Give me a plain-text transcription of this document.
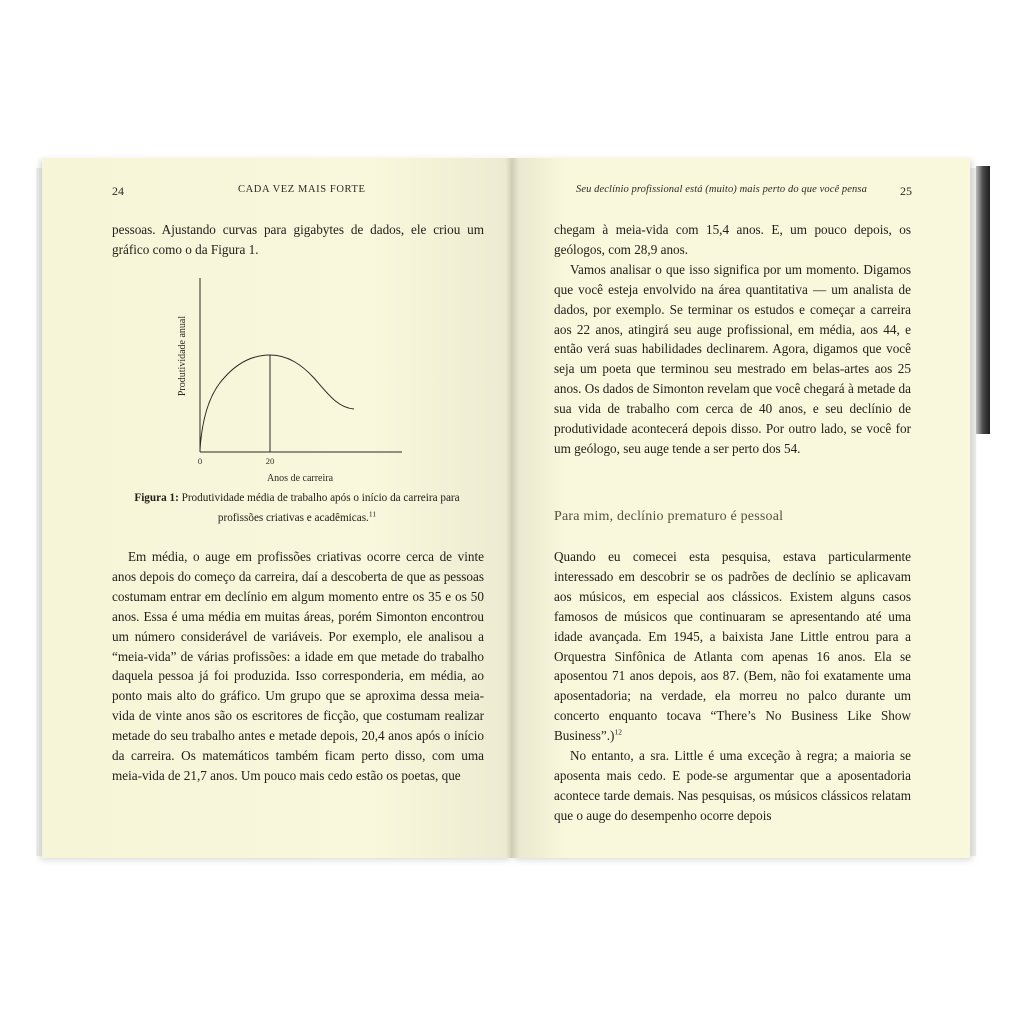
24	CADA VEZ MAIS FORTE

pessoas. Ajustando curvas para gigabytes de dados, ele criou um gráfico como o da Figura 1.

Produtividade anual
0	20
Anos de carreira
Figura 1: Produtividade média de trabalho após o início da carreira para profissões criativas e acadêmicas.$^{11}$

Em média, o auge em profissões criativas ocorre cerca de vinte anos depois do começo da carreira, daí a descoberta de que as pessoas costumam entrar em declínio em algum momento entre os 35 e os 50 anos. Essa é uma média em muitas áreas, porém Simonton encontrou um número considerável de variáveis. Por exemplo, ele analisou a “meia-vida” de várias profissões: a idade em que metade do trabalho daquela pessoa já foi produzida. Isso corresponderia, em média, ao ponto mais alto do gráfico. Um grupo que se aproxima dessa meia-vida de vinte anos são os escritores de ficção, que costumam realizar metade do seu trabalho antes e metade depois, 20,4 anos após o início da carreira. Os matemáticos também ficam perto disso, com uma meia-vida de 21,7 anos. Um pouco mais cedo estão os poetas, que

Seu declínio profissional está (muito) mais perto do que você pensa	25

chegam à meia-vida com 15,4 anos. E, um pouco depois, os geólogos, com 28,9 anos.

Vamos analisar o que isso significa por um momento. Digamos que você esteja envolvido na área quantitativa — um analista de dados, por exemplo. Se terminar os estudos e começar a carreira aos 22 anos, atingirá seu auge profissional, em média, aos 44, e então verá suas habilidades declinarem. Agora, digamos que você seja um poeta que terminou seu mestrado em belas-artes aos 25 anos. Os dados de Simonton revelam que você chegará à metade da sua vida de trabalho com cerca de 40 anos, e seu declínio de produtividade acontecerá depois disso. Por outro lado, se você for um geólogo, seu auge tende a ser perto dos 54.

Para mim, declínio prematuro é pessoal

Quando eu comecei esta pesquisa, estava particularmente interessado em descobrir se os padrões de declínio se aplicavam aos músicos, em especial aos clássicos. Existem alguns casos famosos de músicos que continuaram se apresentando até uma idade avançada. Em 1945, a baixista Jane Little entrou para a Orquestra Sinfônica de Atlanta com apenas 16 anos. Ela se aposentou 71 anos depois, aos 87. (Bem, não foi exatamente uma aposentadoria; na verdade, ela morreu no palco durante um concerto enquanto tocava “There’s No Business Like Show Business”.)$^{12}$

No entanto, a sra. Little é uma exceção à regra; a maioria se aposenta mais cedo. E pode-se argumentar que a aposentadoria acontece tarde demais. Nas pesquisas, os músicos clássicos relatam que o auge do desempenho ocorre depois
